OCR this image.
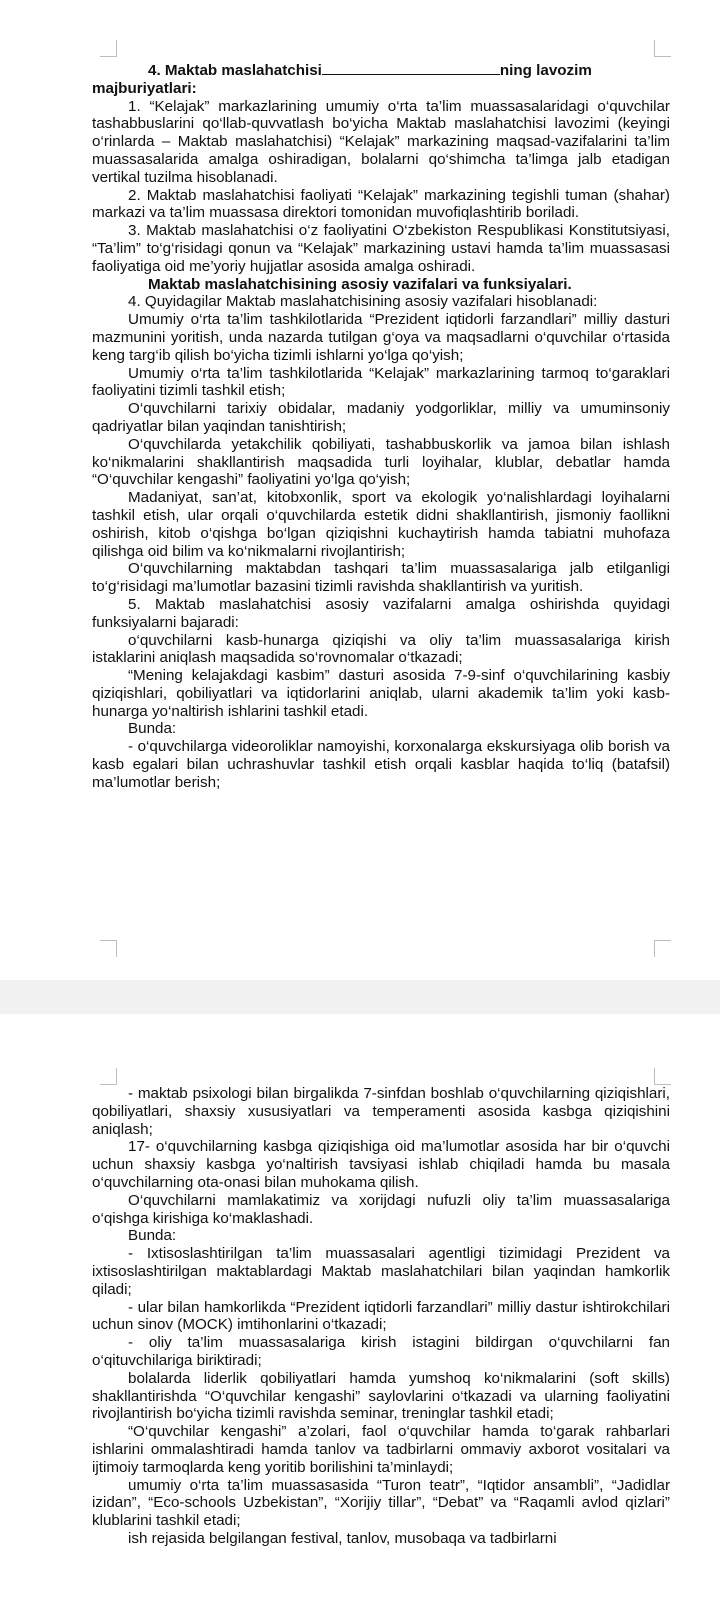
4. Maktab maslahatchisi	ning lavozim majburiyatlari:

1. “Kelajak” markazlarining umumiy o‘rta ta’lim muassasalaridagi o‘quvchilar tashabbuslarini qo‘llab-quvvatlash bo‘yicha Maktab maslahatchisi lavozimi (keyingi o‘rinlarda – Maktab maslahatchisi) “Kelajak” markazining maqsad-vazifalarini ta’lim muassasalarida amalga oshiradigan, bolalarni qo‘shimcha ta’limga jalb etadigan vertikal tuzilma hisoblanadi.

2. Maktab maslahatchisi faoliyati “Kelajak” markazining tegishli tuman (shahar) markazi va ta’lim muassasa direktori tomonidan muvofiqlashtirib boriladi.

3. Maktab maslahatchisi o‘z faoliyatini O‘zbekiston Respublikasi Konstitutsiyasi, “Ta’lim” to‘g‘risidagi qonun va “Kelajak” markazining ustavi hamda ta’lim muassasasi faoliyatiga oid me’yoriy hujjatlar asosida amalga oshiradi.

Maktab maslahatchisining asosiy vazifalari va funksiyalari.

4. Quyidagilar Maktab maslahatchisining asosiy vazifalari hisoblanadi:

Umumiy o‘rta ta’lim tashkilotlarida “Prezident iqtidorli farzandlari” milliy dasturi mazmunini yoritish, unda nazarda tutilgan g‘oya va maqsadlarni o‘quvchilar o‘rtasida keng targ‘ib qilish bo‘yicha tizimli ishlarni yo‘lga qo‘yish;

Umumiy o‘rta ta’lim tashkilotlarida “Kelajak” markazlarining tarmoq to‘garaklari faoliyatini tizimli tashkil etish;

O‘quvchilarni tarixiy obidalar, madaniy yodgorliklar, milliy va umuminsoniy qadriyatlar bilan yaqindan tanishtirish;

O‘quvchilarda yetakchilik qobiliyati, tashabbuskorlik va jamoa bilan ishlash ko‘nikmalarini shakllantirish maqsadida turli loyihalar, klublar, debatlar hamda “O‘quvchilar kengashi” faoliyatini yo‘lga qo‘yish;

Madaniyat, san’at, kitobxonlik, sport va ekologik yo‘nalishlardagi loyihalarni tashkil etish, ular orqali o‘quvchilarda estetik didni shakllantirish, jismoniy faollikni oshirish, kitob o‘qishga bo‘lgan qiziqishni kuchaytirish hamda tabiatni muhofaza qilishga oid bilim va ko‘nikmalarni rivojlantirish;

O‘quvchilarning maktabdan tashqari ta’lim muassasalariga jalb etilganligi to‘g‘risidagi ma’lumotlar bazasini tizimli ravishda shakllantirish va yuritish.

5. Maktab maslahatchisi asosiy vazifalarni amalga oshirishda quyidagi funksiyalarni bajaradi:

o‘quvchilarni kasb-hunarga qiziqishi va oliy ta’lim muassasalariga kirish istaklarini aniqlash maqsadida so‘rovnomalar o‘tkazadi;

“Mening kelajakdagi kasbim” dasturi asosida 7-9-sinf o‘quvchilarining kasbiy qiziqishlari, qobiliyatlari va iqtidorlarini aniqlab, ularni akademik ta’lim yoki kasb-hunarga yo‘naltirish ishlarini tashkil etadi.

Bunda:

- o‘quvchilarga videoroliklar namoyishi, korxonalarga ekskursiyaga olib borish va kasb egalari bilan uchrashuvlar tashkil etish orqali kasblar haqida to‘liq (batafsil) ma’lumotlar berish;

- maktab psixologi bilan birgalikda 7-sinfdan boshlab o‘quvchilarning qiziqishlari, qobiliyatlari, shaxsiy xususiyatlari va temperamenti asosida kasbga qiziqishini aniqlash;

17- o‘quvchilarning kasbga qiziqishiga oid ma’lumotlar asosida har bir o‘quvchi uchun shaxsiy kasbga yo‘naltirish tavsiyasi ishlab chiqiladi hamda bu masala o‘quvchilarning ota-onasi bilan muhokama qilish.

O‘quvchilarni mamlakatimiz va xorijdagi nufuzli oliy ta’lim muassasalariga o‘qishga kirishiga ko‘maklashadi.

Bunda:

- Ixtisoslashtirilgan ta’lim muassasalari agentligi tizimidagi Prezident va ixtisoslashtirilgan maktablardagi Maktab maslahatchilari bilan yaqindan hamkorlik qiladi;

- ular bilan hamkorlikda “Prezident iqtidorli farzandlari” milliy dastur ishtirokchilari uchun sinov (MOCK) imtihonlarini o‘tkazadi;

- oliy ta’lim muassasalariga kirish istagini bildirgan o‘quvchilarni fan o‘qituvchilariga biriktiradi;

bolalarda liderlik qobiliyatlari hamda yumshoq ko‘nikmalarini (soft skills) shakllantirishda “O‘quvchilar kengashi” saylovlarini o‘tkazadi va ularning faoliyatini rivojlantirish bo‘yicha tizimli ravishda seminar, treninglar tashkil etadi;

“O‘quvchilar kengashi” a’zolari, faol o‘quvchilar hamda to‘garak rahbarlari ishlarini ommalashtiradi hamda tanlov va tadbirlarni ommaviy axborot vositalari va ijtimoiy tarmoqlarda keng yoritib borilishini ta’minlaydi;

umumiy o‘rta ta’lim muassasasida “Turon teatr”, “Iqtidor ansambli”, “Jadidlar izidan”, “Eco-schools Uzbekistan”, “Xorijiy tillar”, “Debat” va “Raqamli avlod qizlari” klublarini tashkil etadi;

ish rejasida belgilangan festival, tanlov, musobaqa va tadbirlarni
